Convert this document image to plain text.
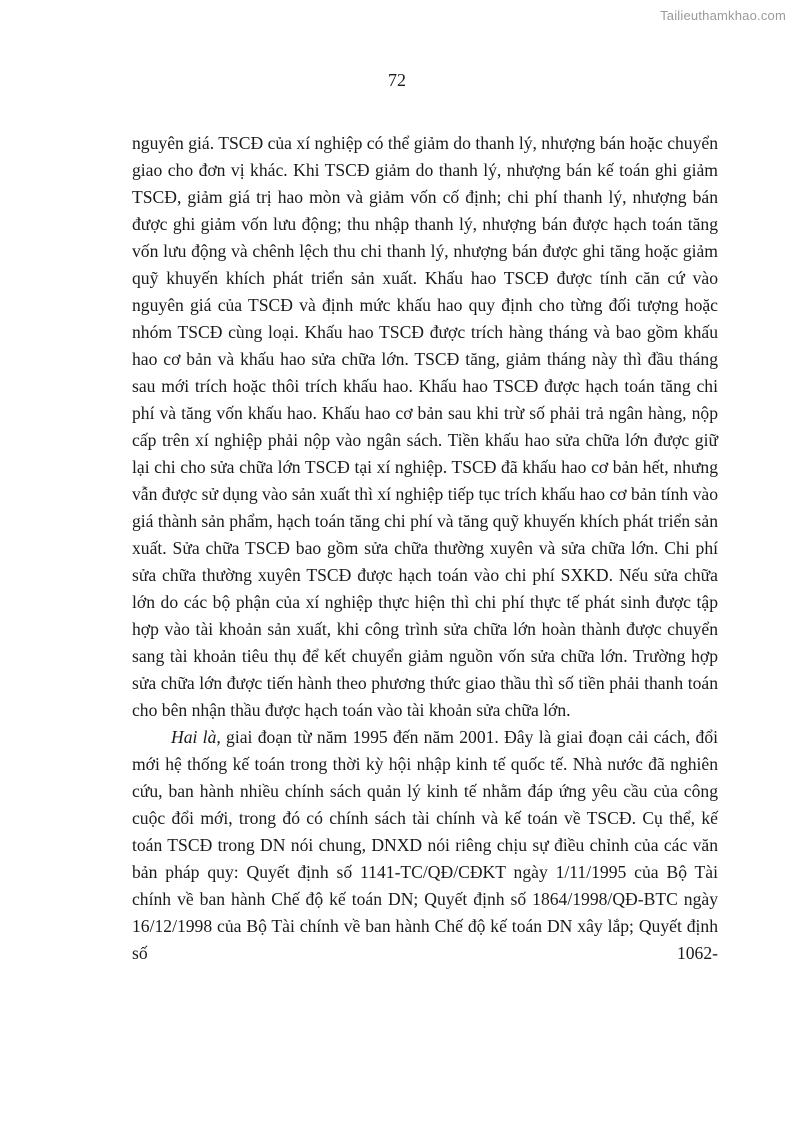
Tailieuthamkhao.com
72

nguyên giá. TSCĐ của xí nghiệp có thể giảm do thanh lý, nhượng bán hoặc chuyển giao cho đơn vị khác. Khi TSCĐ giảm do thanh lý, nhượng bán kế toán ghi giảm TSCĐ, giảm giá trị hao mòn và giảm vốn cố định; chi phí thanh lý, nhượng bán được ghi giảm vốn lưu động; thu nhập thanh lý, nhượng bán được hạch toán tăng vốn lưu động và chênh lệch thu chi thanh lý, nhượng bán được ghi tăng hoặc giảm quỹ khuyến khích phát triển sản xuất. Khấu hao TSCĐ được tính căn cứ vào nguyên giá của TSCĐ và định mức khấu hao quy định cho từng đối tượng hoặc nhóm TSCĐ cùng loại. Khấu hao TSCĐ được trích hàng tháng và bao gồm khấu hao cơ bản và khấu hao sửa chữa lớn. TSCĐ tăng, giảm tháng này thì đầu tháng sau mới trích hoặc thôi trích khấu hao. Khấu hao TSCĐ được hạch toán tăng chi phí và tăng vốn khấu hao. Khấu hao cơ bản sau khi trừ số phải trả ngân hàng, nộp cấp trên xí nghiệp phải nộp vào ngân sách. Tiền khấu hao sửa chữa lớn được giữ lại chi cho sửa chữa lớn TSCĐ tại xí nghiệp. TSCĐ đã khấu hao cơ bản hết, nhưng vẫn được sử dụng vào sản xuất thì xí nghiệp tiếp tục trích khấu hao cơ bản tính vào giá thành sản phẩm, hạch toán tăng chi phí và tăng quỹ khuyến khích phát triển sản xuất. Sửa chữa TSCĐ bao gồm sửa chữa thường xuyên và sửa chữa lớn. Chi phí sửa chữa thường xuyên TSCĐ được hạch toán vào chi phí SXKD. Nếu sửa chữa lớn do các bộ phận của xí nghiệp thực hiện thì chi phí thực tế phát sinh được tập hợp vào tài khoản sản xuất, khi công trình sửa chữa lớn hoàn thành được chuyển sang tài khoản tiêu thụ để kết chuyển giảm nguồn vốn sửa chữa lớn. Trường hợp sửa chữa lớn được tiến hành theo phương thức giao thầu thì số tiền phải thanh toán cho bên nhận thầu được hạch toán vào tài khoản sửa chữa lớn.

Hai là, giai đoạn từ năm 1995 đến năm 2001. Đây là giai đoạn cải cách, đổi mới hệ thống kế toán trong thời kỳ hội nhập kinh tế quốc tế. Nhà nước đã nghiên cứu, ban hành nhiều chính sách quản lý kinh tế nhằm đáp ứng yêu cầu của công cuộc đổi mới, trong đó có chính sách tài chính và kế toán về TSCĐ. Cụ thể, kế toán TSCĐ trong DN nói chung, DNXD nói riêng chịu sự điều chỉnh của các văn bản pháp quy: Quyết định số 1141-TC/QĐ/CĐKT ngày 1/11/1995 của Bộ Tài chính về ban hành Chế độ kế toán DN; Quyết định số 1864/1998/QĐ-BTC ngày 16/12/1998 của Bộ Tài chính về ban hành Chế độ kế toán DN xây lắp; Quyết định số 1062-
